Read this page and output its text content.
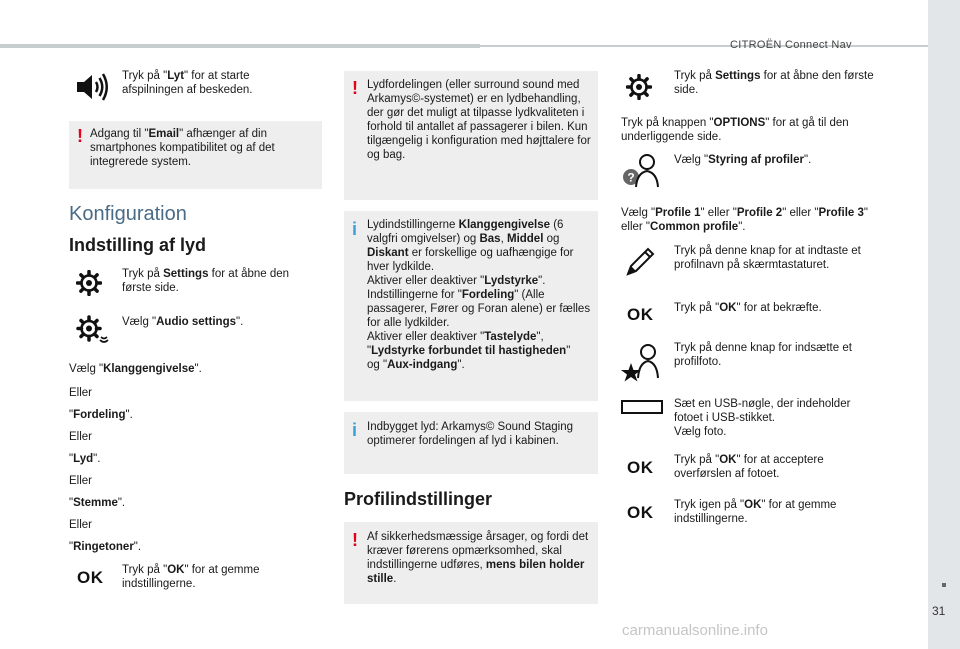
CITROËN Connect Nav
31
Tryk på "Lyt" for at starte afspilningen af beskeden.
! Adgang til "Email" afhænger af din smartphones kompatibilitet og af det integrerede system.
Konfiguration
Indstilling af lyd
Tryk på Settings for at åbne den første side.
Vælg "Audio settings".
Vælg "Klanggengivelse".
Eller
"Fordeling".
Eller
"Lyd".
Eller
"Stemme".
Eller
"Ringetoner".
OK Tryk på "OK" for at gemme indstillingerne.
! Lydfordelingen (eller surround sound med Arkamys©-systemet) er en lydbehandling, der gør det muligt at tilpasse lydkvaliteten i forhold til antallet af passagerer i bilen. Kun tilgængelig i konfiguration med højttalere for og bag.
i Lydindstillingerne Klanggengivelse (6 valgfri omgivelser) og Bas, Middel og Diskant er forskellige og uafhængige for hver lydkilde.
Aktiver eller deaktiver "Lydstyrke".
Indstillingerne for "Fordeling" (Alle passagerer, Fører og Foran alene) er fælles for alle lydkilder.
Aktiver eller deaktiver "Tastelyde",
"Lydstyrke forbundet til hastigheden"
og "Aux-indgang".
i Indbygget lyd: Arkamys© Sound Staging optimerer fordelingen af lyd i kabinen.
Profilindstillinger
! Af sikkerhedsmæssige årsager, og fordi det kræver førerens opmærksomhed, skal indstillingerne udføres, mens bilen holder stille.
Tryk på Settings for at åbne den første side.
Tryk på knappen "OPTIONS" for at gå til den underliggende side.
?
Vælg "Styring af profiler".
Vælg "Profile 1" eller "Profile 2" eller "Profile 3" eller "Common profile".
Tryk på denne knap for at indtaste et profilnavn på skærmtastaturet.
OK Tryk på "OK" for at bekræfte.
Tryk på denne knap for indsætte et profilfoto.
Sæt en USB-nøgle, der indeholder fotoet i USB-stikket.
Vælg foto.
OK Tryk på "OK" for at acceptere overførslen af fotoet.
OK Tryk igen på "OK" for at gemme indstillingerne.
carmanualsonline.info
